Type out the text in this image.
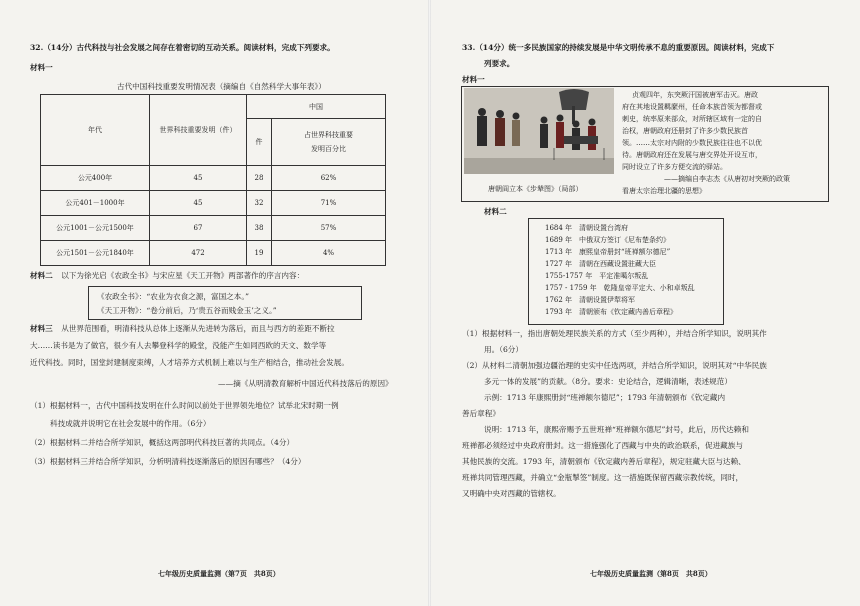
32.（14分）古代科技与社会发展之间存在着密切的互动关系。阅读材料，完成下列要求。
材料一
古代中国科技重要发明情况表（摘编自《自然科学大事年表》）
年代	世界科技重要发明（件）	中国	
		件	占世界科技重要
发明百分比

公元400年	45	28	62%
公元401－1000年	45	32	71%
公元1001－公元1500年	67	38	57%
公元1501－公元1840年	472	19	4%
材料二 以下为徐光启《农政全书》与宋应星《天工开物》两部著作的序言内容：
《农政全书》：“农业为衣食之源，富国之本。”
《天工开物》：“卷分前后，乃‘贵五谷而贱金玉’之义。”
材料三 从世界范围看，明清科技从总体上逐渐从先进转为落后，而且与西方的差距不断拉
大……读书是为了做官，很少有人去攀登科学的殿堂，没能产生如同西欧的天文、数学等
近代科技。同时，国堂封建制度束缚，人才培养方式机制上难以与生产相结合，推动社会发展。
——摘《从明清教育解析中国近代科技落后的原因》
（1）根据材料一，古代中国科技发明在什么时间以前处于世界领先地位？试举北宋时期一例
科技成就并说明它在社会发展中的作用。（6分）
（2）根据材料二并结合所学知识，概括这两部明代科技巨著的共同点。（4分）
（3）根据材料三并结合所学知识，分析明清科技逐渐落后的原因有哪些？（4分）
七年级历史质量监测（第7页　共8页）
33.（14分）统一多民族国家的持续发展是中华文明传承不息的重要原因。阅读材料，完成下
列要求。
材料一
唐朝阎立本《步辇图》（局部）
贞观四年，东突厥汗国被唐军击灭。唐政
府在其地设置羁縻州，任命本族首领为都督或
刺史，统率原来部众，对所辖区域有一定的自
治权，唐朝政府还册封了许多少数民族首
领。……太宗对内附的少数民族往往也不以优
待。唐朝政府还在发展与唐交界处开设互市，
同时设立了许多方便交流的驿站。
——摘编自李志杰《从唐初对突厥的政策
看唐太宗治理北疆的思想》
材料二
1684 年　清朝设置台湾府
1689 年　中俄双方签订《尼布楚条约》
1713 年　康熙皇帝册封“班禅额尔德尼”
1727 年　清朝在西藏设置驻藏大臣
1755-1757 年　平定准噶尔叛乱
1757 - 1759 年　乾隆皇帝平定大、小和卓叛乱
1762 年　清朝设置伊犁将军
1793 年　清朝颁布《钦定藏内善后章程》
（1）根据材料一，指出唐朝处理民族关系的方式（至少两种），并结合所学知识，说明其作
用。（6分）
（2）从材料二清朝加强边疆治理的史实中任选两项，并结合所学知识，说明其对“中华民族
多元一体的发展”的贡献。（8分。要求：史论结合，逻辑清晰，表述规范）
示例：1713 年康熙册封“班禅额尔德尼”；1793 年清朝颁布《钦定藏内
善后章程》
说明：1713 年，康熙帝赐予五世班禅“班禅额尔德尼”封号，此后，历代达赖和
班禅都必须经过中央政府册封。这一措施强化了西藏与中央的政治联系，促进藏族与
其他民族的交流。1793 年，清朝颁布《钦定藏内善后章程》，规定驻藏大臣与达赖、
班禅共同管理西藏，并确立“金瓶掣签”制度。这一措施既保留西藏宗教传统，同时，
又明确中央对西藏的管辖权。
七年级历史质量监测（第8页　共8页）
